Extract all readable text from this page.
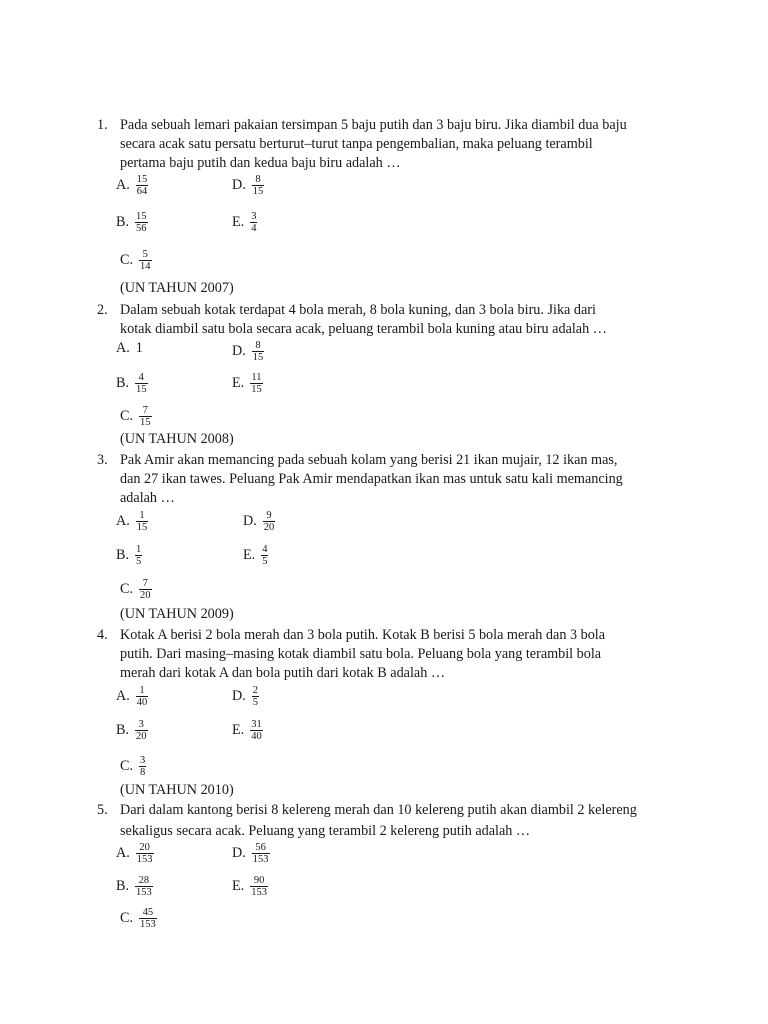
1. Pada sebuah lemari pakaian tersimpan 5 baju putih dan 3 baju biru. Jika diambil dua baju
secara acak satu persatu berturut–turut tanpa pengembalian, maka peluang terambil
pertama baju putih dan kedua baju biru adalah …
A. $\frac{15}{64}$	D. $\frac{8}{15}$
B. $\frac{15}{56}$	E. $\frac{3}{4}$
C. $\frac{5}{14}$
(UN TAHUN 2007)
2. Dalam sebuah kotak terdapat 4 bola merah, 8 bola kuning, dan 3 bola biru. Jika dari
kotak diambil satu bola secara acak, peluang terambil bola kuning atau biru adalah …
A. 1	D. $\frac{8}{15}$
B. $\frac{4}{15}$	E. $\frac{11}{15}$
C. $\frac{7}{15}$
(UN TAHUN 2008)
3. Pak Amir akan memancing pada sebuah kolam yang berisi 21 ikan mujair, 12 ikan mas,
dan 27 ikan tawes. Peluang Pak Amir mendapatkan ikan mas untuk satu kali memancing
adalah …
A. $\frac{1}{15}$	D. $\frac{9}{20}$
B. $\frac{1}{5}$	E. $\frac{4}{5}$
C. $\frac{7}{20}$
(UN TAHUN 2009)
4. Kotak A berisi 2 bola merah dan 3 bola putih. Kotak B berisi 5 bola merah dan 3 bola
putih. Dari masing–masing kotak diambil satu bola. Peluang bola yang terambil bola
merah dari kotak A dan bola putih dari kotak B adalah …
A. $\frac{1}{40}$	D. $\frac{2}{5}$
B. $\frac{3}{20}$	E. $\frac{31}{40}$
C. $\frac{3}{8}$
(UN TAHUN 2010)
5. Dari dalam kantong berisi 8 kelereng merah dan 10 kelereng putih akan diambil 2 kelereng
sekaligus secara acak. Peluang yang terambil 2 kelereng putih adalah …
A. $\frac{20}{153}$	D. $\frac{56}{153}$
B. $\frac{28}{153}$	E. $\frac{90}{153}$
C. $\frac{45}{153}$
